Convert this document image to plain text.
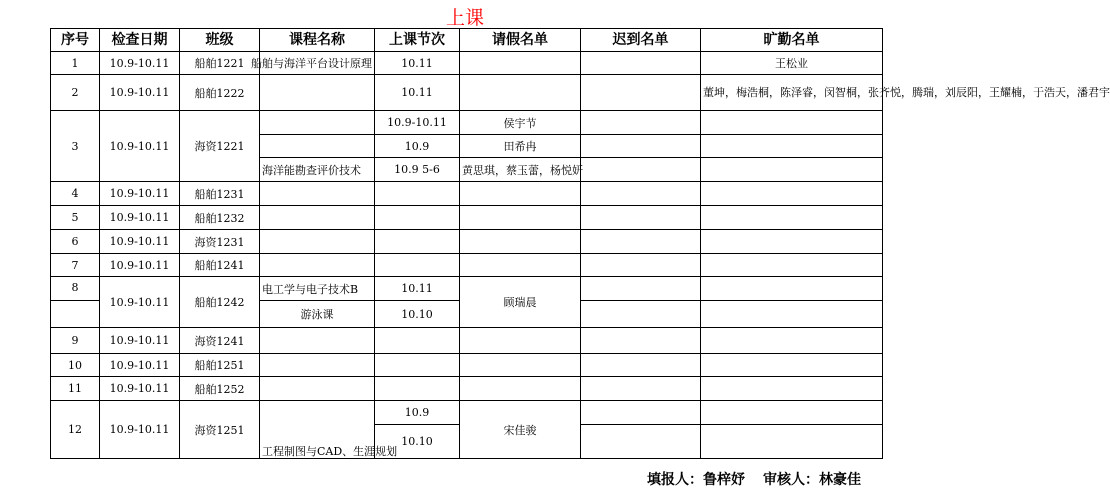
上课
序号	检查日期	班级	课程名称	上课节次	请假名单	迟到名单	旷勤名单
1	10.9-10.11	船舶1221	船舶与海洋平台设计原理	10.11			王松业
2	10.9-10.11	船舶1222		10.11			董坤，梅浩桐，陈泽睿，闵智桐，张齐悦，腾瑞，刘辰阳，王耀楠，于浩天，潘君宇
3	10.9-10.11	海资1221		10.9-10.11	侯宇节		
				10.9	田希冉		
			海洋能勘查评价技术	10.9 5-6	黄思琪，蔡玉蕾，杨悦妍		
4	10.9-10.11	船舶1231					
5	10.9-10.11	船舶1232					
6	10.9-10.11	海资1231					
7	10.9-10.11	船舶1241					
8	10.9-10.11	船舶1242	电工学与电子技术B	10.11	顾瑞晨		
			游泳课	10.10			
9	10.9-10.11	海资1241					
10	10.9-10.11	船舶1251					
11	10.9-10.11	船舶1252					
12	10.9-10.11	海资1251	工程制图与CAD、生涯规划	10.9	宋佳骏		
				10.10			
填报人：鲁梓妤 审核人：林豪佳
